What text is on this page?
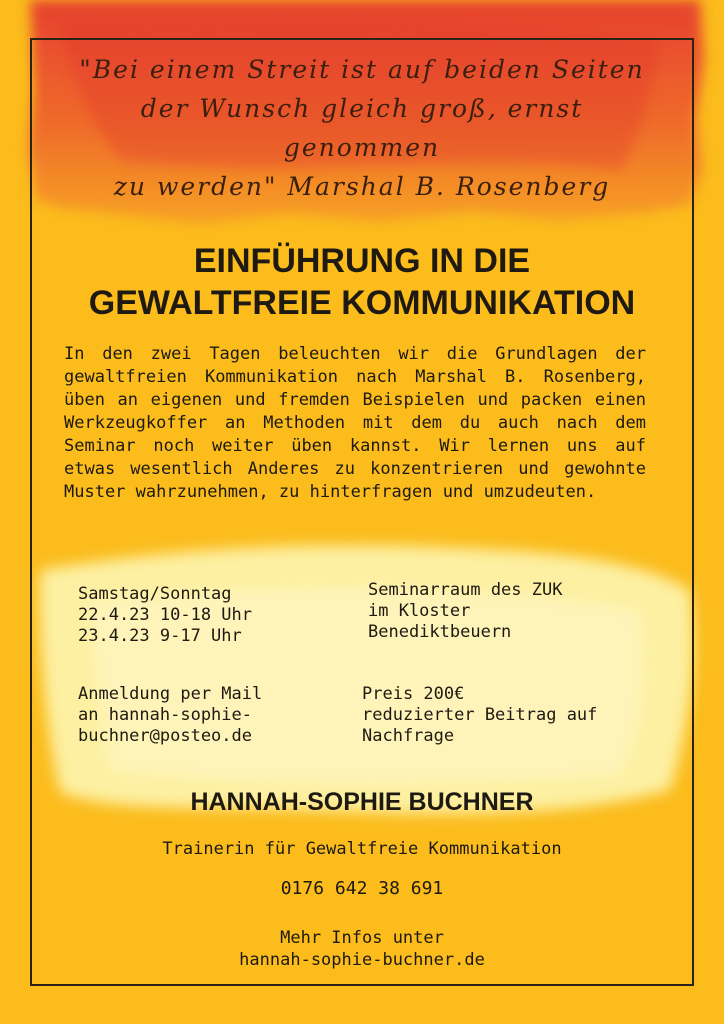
"Bei einem Streit ist auf beiden Seiten
der Wunsch gleich groß, ernst genommen
zu werden" Marshal B. Rosenberg
EINFÜHRUNG IN DIE
GEWALTFREIE KOMMUNIKATION
In den zwei Tagen beleuchten wir die Grundlagen der gewaltfreien Kommunikation nach Marshal B. Rosenberg, üben an eigenen und fremden Beispielen und packen einen Werkzeugkoffer an Methoden mit dem du auch nach dem Seminar noch weiter üben kannst. Wir lernen uns auf etwas wesentlich Anderes zu konzentrieren und gewohnte Muster wahrzunehmen, zu hinterfragen und umzudeuten.
Samstag/Sonntag
22.4.23 10-18 Uhr
23.4.23 9-17 Uhr
Seminarraum des ZUK
im Kloster
Benediktbeuern
Anmeldung per Mail
an hannah-sophie-
buchner@posteo.de
Preis 200€
reduzierter Beitrag auf
Nachfrage
HANNAH-SOPHIE BUCHNER
Trainerin für Gewaltfreie Kommunikation
0176 642 38 691
Mehr Infos unter
hannah-sophie-buchner.de
